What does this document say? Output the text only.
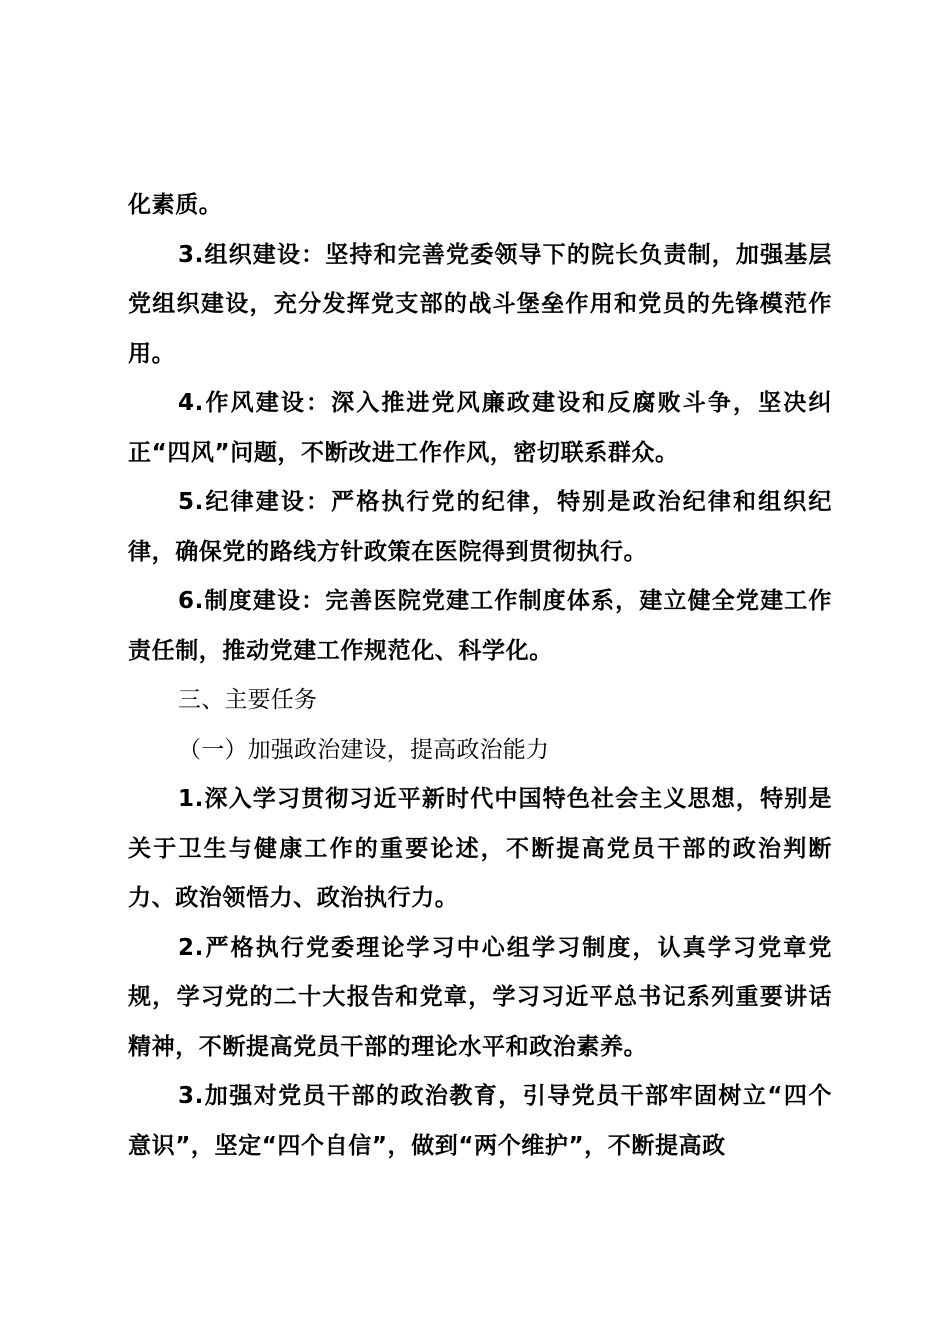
化素质。

3.组织建设：坚持和完善党委领导下的院长负责制，加强基层党组织建设，充分发挥党支部的战斗堡垒作用和党员的先锋模范作用。

4.作风建设：深入推进党风廉政建设和反腐败斗争，坚决纠正“四风”问题，不断改进工作作风，密切联系群众。

5.纪律建设：严格执行党的纪律，特别是政治纪律和组织纪律，确保党的路线方针政策在医院得到贯彻执行。

6.制度建设：完善医院党建工作制度体系，建立健全党建工作责任制，推动党建工作规范化、科学化。

三、主要任务

（一）加强政治建设，提高政治能力

1.深入学习贯彻习近平新时代中国特色社会主义思想，特别是关于卫生与健康工作的重要论述，不断提高党员干部的政治判断力、政治领悟力、政治执行力。

2.严格执行党委理论学习中心组学习制度，认真学习党章党规，学习党的二十大报告和党章，学习习近平总书记系列重要讲话精神，不断提高党员干部的理论水平和政治素养。

3.加强对党员干部的政治教育，引导党员干部牢固树立“四个意识”，坚定“四个自信”，做到“两个维护”，不断提高政
